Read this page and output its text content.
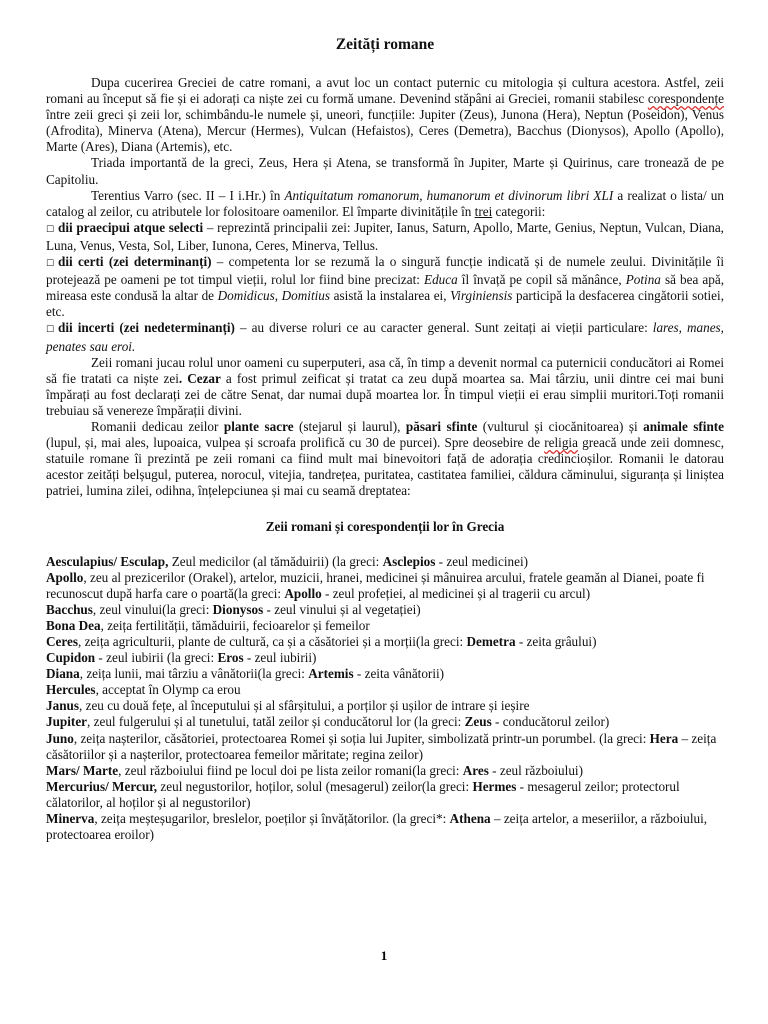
Zeități romane

Dupa cucerirea Greciei de catre romani, a avut loc un contact puternic cu mitologia și cultura acestora. Astfel, zeii romani au început să fie și ei adorați ca niște zei cu formă umane. Devenind stăpâni ai Greciei, romanii stabilesc corespondențe între zeii greci și zeii lor, schimbându-le numele și, uneori, funcțiile: Jupiter (Zeus), Junona (Hera), Neptun (Poseidon), Venus (Afrodita), Minerva (Atena), Mercur (Hermes), Vulcan (Hefaistos), Ceres (Demetra), Bacchus (Dionysos), Apollo (Apollo), Marte (Ares), Diana (Artemis), etc.

Triada importantă de la greci, Zeus, Hera și Atena, se transformă în Jupiter, Marte și Quirinus, care tronează de pe Capitoliu.

Terentius Varro (sec. II – I i.Hr.) în Antiquitatum romanorum, humanorum et divinorum libri XLI a realizat o lista/ un catalog al zeilor, cu atributele lor folositoare oamenilor. El împarte divinitățile în trei categorii:

☐ dii praecipui atque selecti – reprezintă principalii zei: Jupiter, Ianus, Saturn, Apollo, Marte, Genius, Neptun, Vulcan, Diana, Luna, Venus, Vesta, Sol, Liber, Iunona, Ceres, Minerva, Tellus.

☐ dii certi (zei determinanți) – competenta lor se rezumă la o singură funcție indicată și de numele zeului. Divinitățile îi protejează pe oameni pe tot timpul vieții, rolul lor fiind bine precizat: Educa îl învață pe copil să mănânce, Potina să bea apă, mireasa este condusă la altar de Domidicus, Domitius asistă la instalarea ei, Virginiensis participă la desfacerea cingătorii sotiei, etc.

☐ dii incerti (zei nedeterminanți) – au diverse roluri ce au caracter general. Sunt zeitați ai vieții particulare: lares, manes, penates sau eroi.

Zeii romani jucau rolul unor oameni cu superputeri, asa că, în timp a devenit normal ca puternicii conducători ai Romei să fie tratati ca niște zei. Cezar a fost primul zeificat și tratat ca zeu după moartea sa. Mai târziu, unii dintre cei mai buni împărați au fost declarați zei de către Senat, dar numai după moartea lor. În timpul vieții ei erau simplii muritori.Toți romanii trebuiau să venereze împărații divini.

Romanii dedicau zeilor plante sacre (stejarul și laurul), păsari sfinte (vulturul și ciocănitoarea) și animale sfinte (lupul, și, mai ales, lupoaica, vulpea și scroafa prolifică cu 30 de purcei). Spre deosebire de religia greacă unde zeii domnesc, statuile romane îi prezintă pe zeii romani ca fiind mult mai binevoitori față de adorația credincioșilor. Romanii le datorau acestor zeități belșugul, puterea, norocul, vitejia, tandrețea, puritatea, castitatea familiei, căldura căminului, siguranța și liniștea patriei, lumina zilei, odihna, înțelepciunea și mai cu seamă dreptatea:

Zeii romani și corespondenții lor în Grecia

Aesculapius/ Esculap, Zeul medicilor (al tămăduirii) (la greci: Asclepios - zeul medicinei)

Apollo, zeu al prezicerilor (Orakel), artelor, muzicii, hranei, medicinei și mânuirea arcului, fratele geamăn al Dianei, poate fi recunoscut după harfa care o poartă(la greci: Apollo - zeul profeției, al medicinei și al tragerii cu arcul)

Bacchus, zeul vinului(la greci: Dionysos - zeul vinului și al vegetației)

Bona Dea, zeița fertilității, tămăduirii, fecioarelor și femeilor

Ceres, zeița agriculturii, plante de cultură, ca și a căsătoriei și a morții(la greci: Demetra - zeita grâului)

Cupidon - zeul iubirii (la greci: Eros - zeul iubirii)

Diana, zeița lunii, mai târziu a vânătorii(la greci: Artemis - zeita vânătorii)

Hercules, acceptat în Olymp ca erou

Janus, zeu cu două fețe, al începutului și al sfârșitului, a porților și ușilor de intrare și ieșire

Jupiter, zeul fulgerului și al tunetului, tatăl zeilor și conducătorul lor (la greci: Zeus - conducătorul zeilor)

Juno, zeița nașterilor, căsătoriei, protectoarea Romei și soția lui Jupiter, simbolizată printr-un porumbel. (la greci: Hera – zeița căsătoriilor și a nașterilor, protectoarea femeilor măritate; regina zeilor)

Mars/ Marte, zeul războiului fiind pe locul doi pe lista zeilor romani(la greci: Ares - zeul războiului)

Mercurius/ Mercur, zeul negustorilor, hoților, solul (mesagerul) zeilor(la greci: Hermes - mesagerul zeilor; protectorul călatorilor, al hoților și al negustorilor)

Minerva, zeița meșteșugarilor, breslelor, poeților și învățătorilor. (la greci*: Athena – zeița artelor, a meseriilor, a războiului, protectoarea eroilor)

1
